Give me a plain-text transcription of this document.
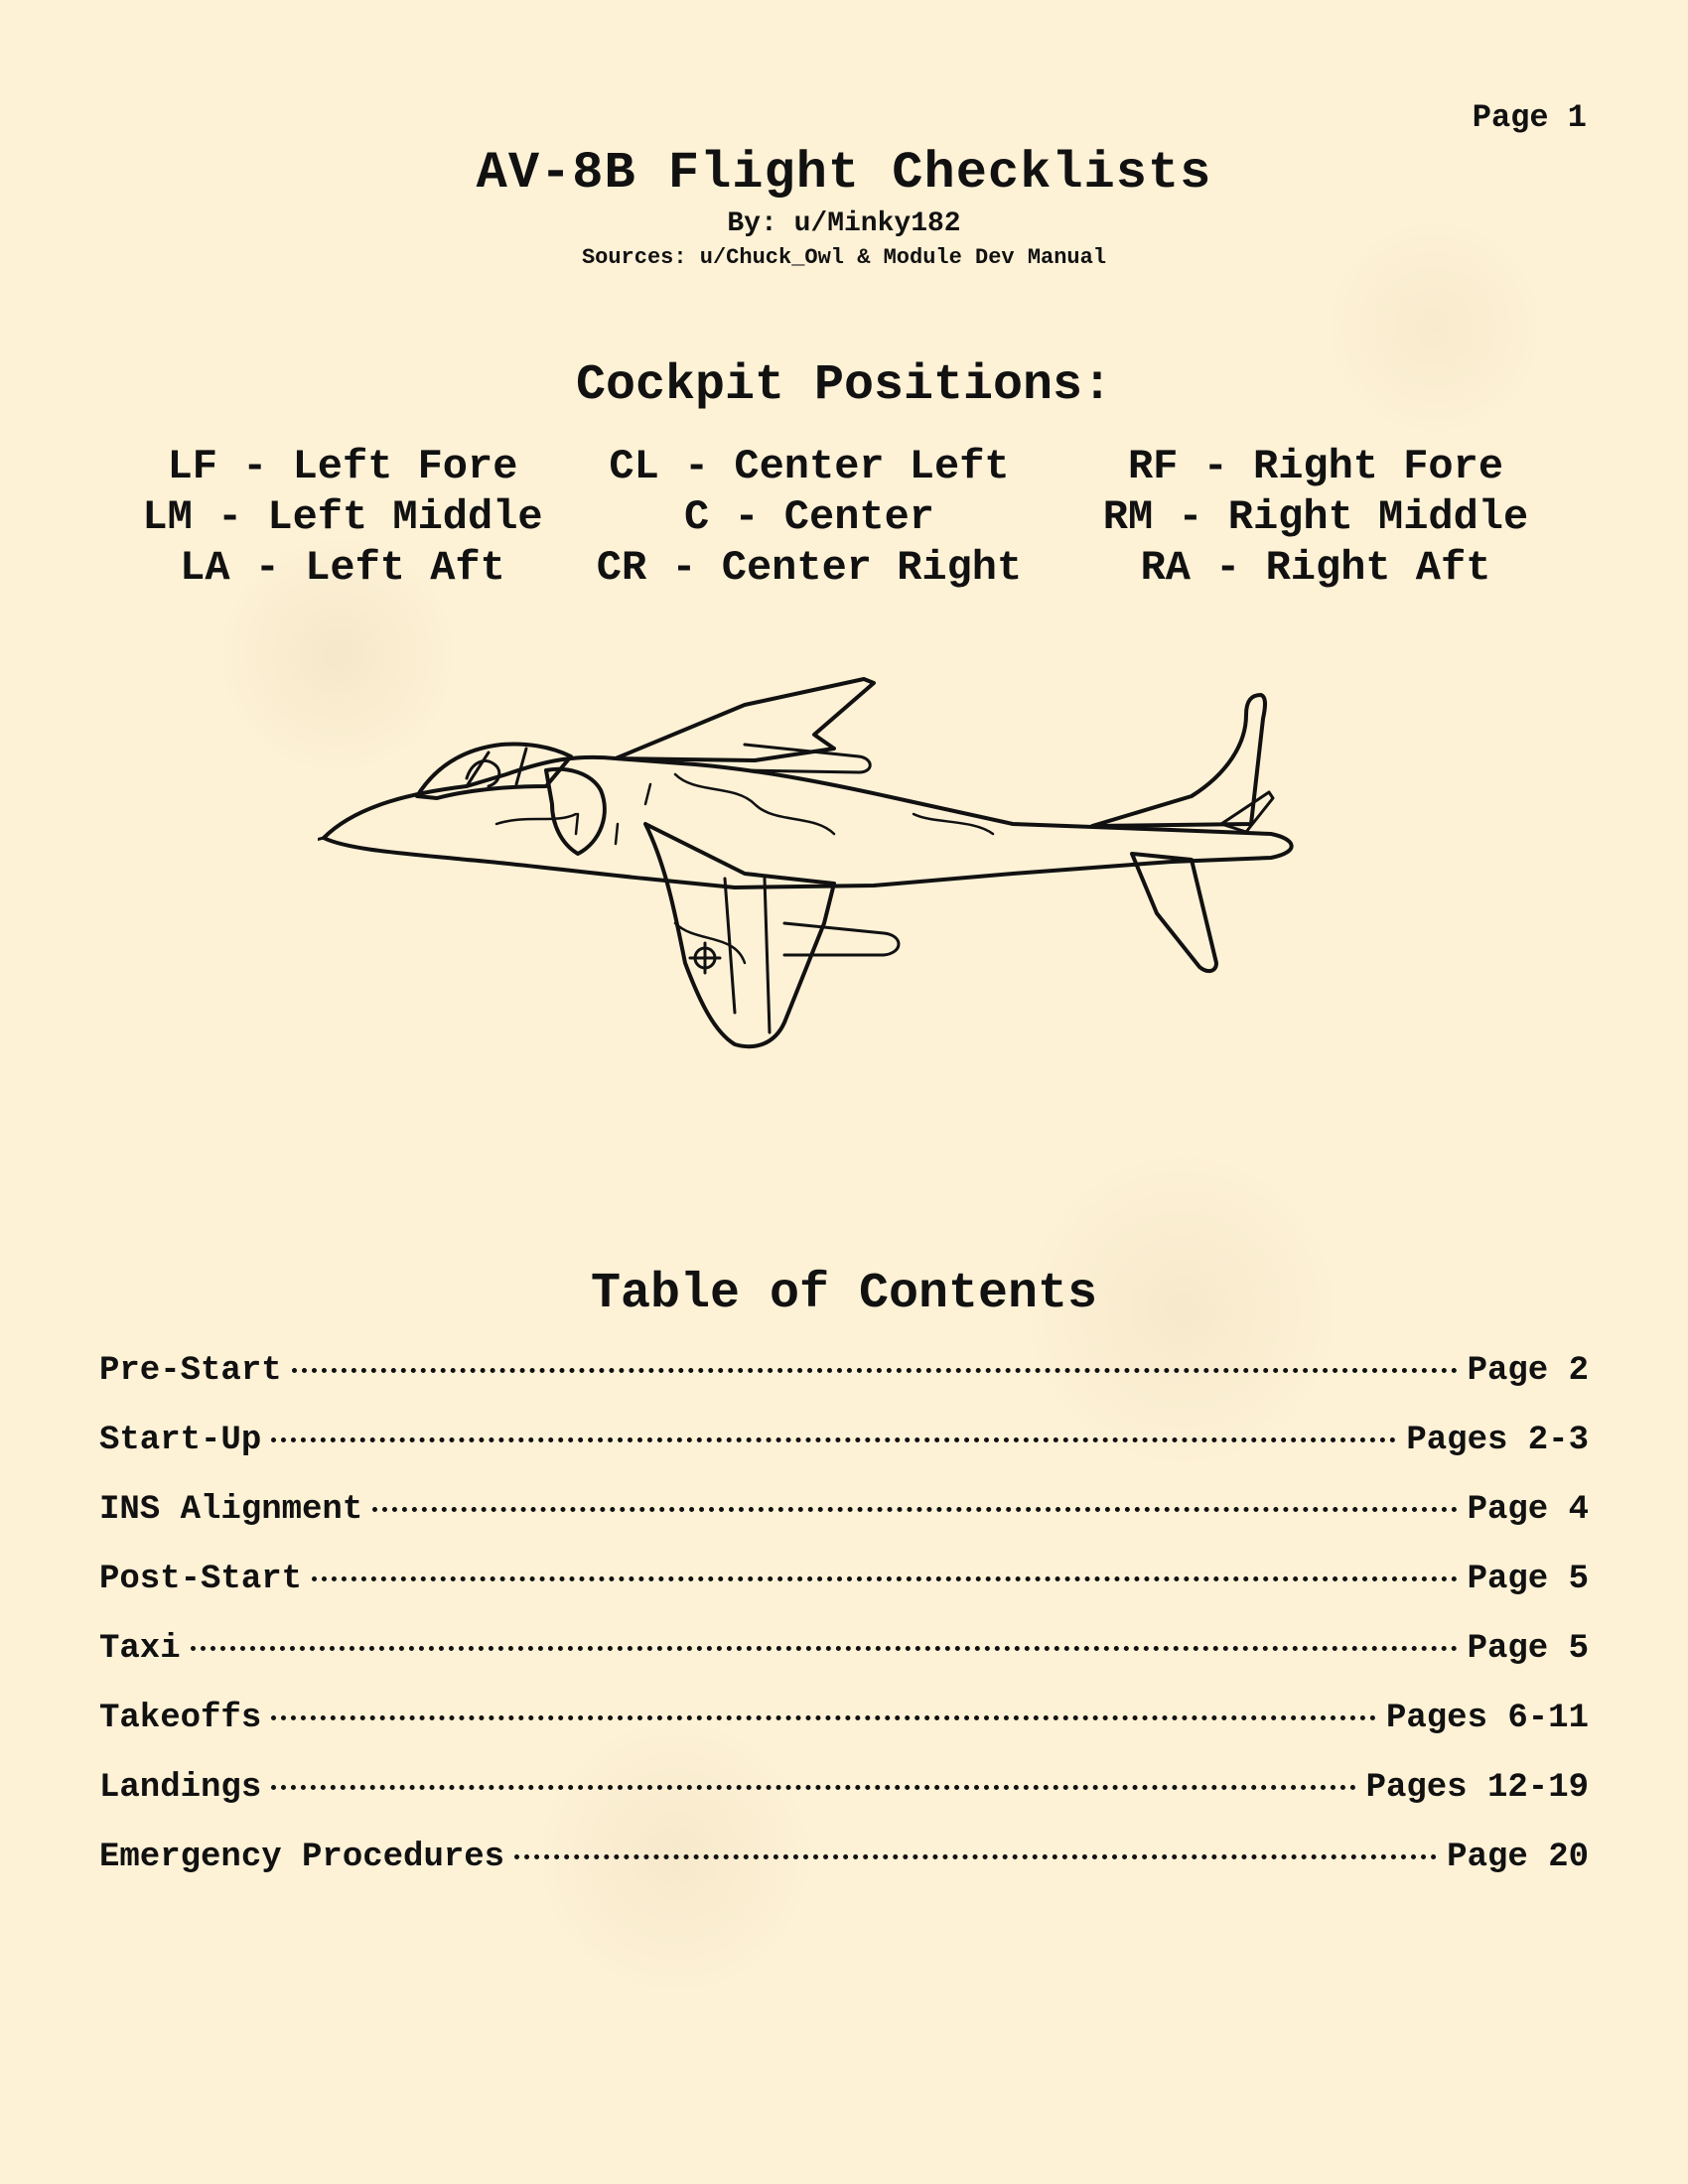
Page 1
AV-8B Flight Checklists
By: u/Minky182
Sources: u/Chuck_Owl & Module Dev Manual
Cockpit Positions:
LF - Left Fore	CL - Center Left	RF - Right Fore
LM - Left Middle	C - Center	RM - Right Middle
LA - Left Aft	CR - Center Right	RA - Right Aft
Table of Contents
Pre-Start	Page 2
Start-Up	Pages 2-3
INS Alignment	Page 4
Post-Start	Page 5
Taxi	Page 5
Takeoffs	Pages 6-11
Landings	Pages 12-19
Emergency Procedures	Page 20
